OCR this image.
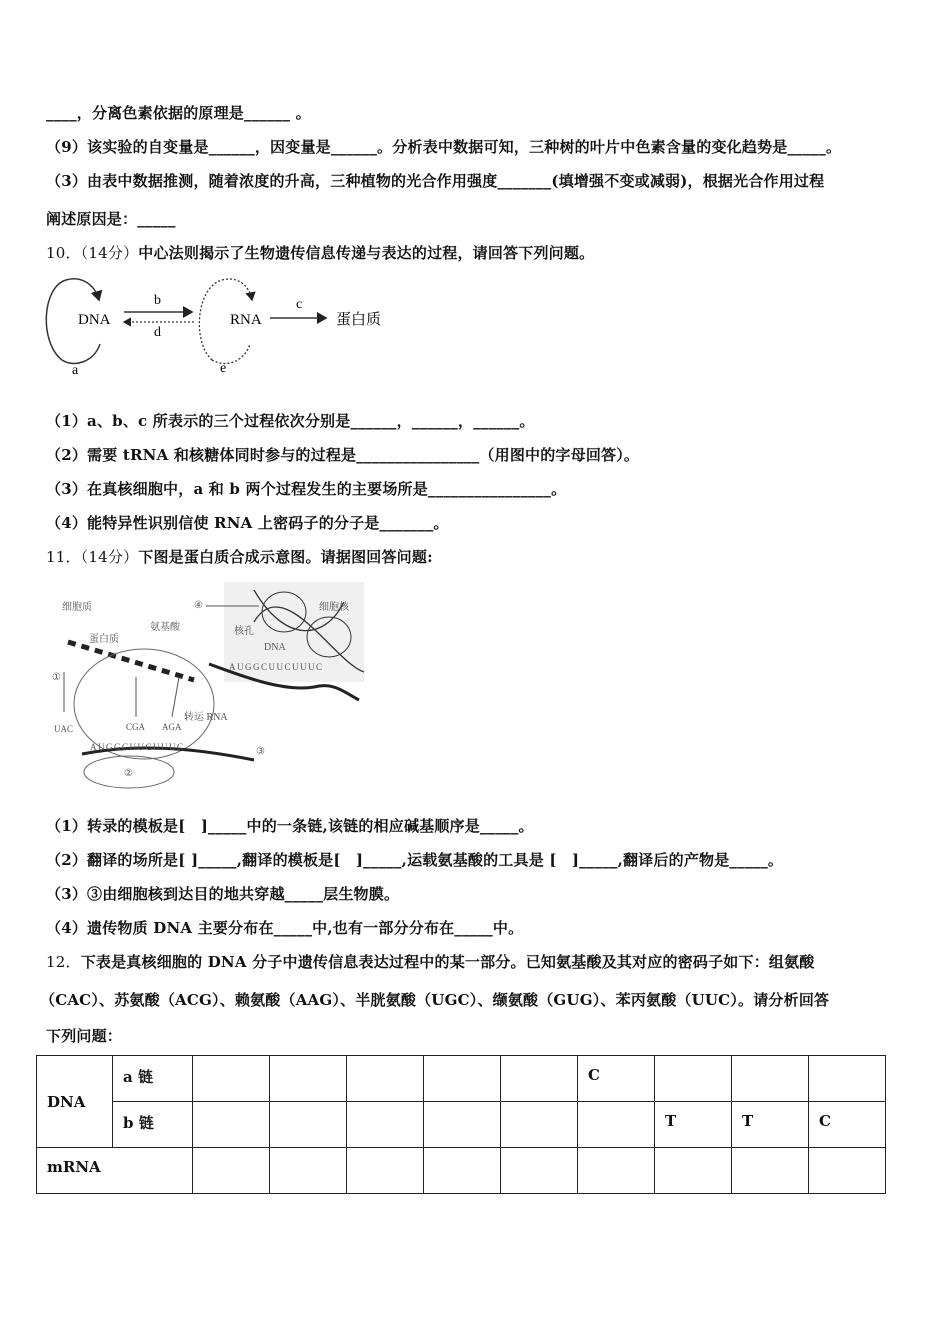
____，分离色素依据的原理是______ 。
（9）该实验的自变量是______，因变量是______。分析表中数据可知，三种树的叶片中色素含量的变化趋势是_____。
（3）由表中数据推测，随着浓度的升高，三种植物的光合作用强度_______(填增强不变或减弱)，根据光合作用过程
阐述原因是：_____
10．（14分）中心法则揭示了生物遗传信息传递与表达的过程，请回答下列问题。
DNA
b
d
RNA
c
蛋白质
a	e
（1）a、b、c 所表示的三个过程依次分别是______，______，______。
（2）需要 tRNA 和核糖体同时参与的过程是________________（用图中的字母回答）。
（3）在真核细胞中，a 和 b 两个过程发生的主要场所是________________。
（4）能特异性识别信使 RNA 上密码子的分子是_______。
11．（14分）下图是蛋白质合成示意图。请据图回答问题:
细胞质
蛋白质
氨基酸
细胞核
核孔
DNA
④
AUGGCUUCUUUC
AUGGCUUCUUUC
②
①
③
UAC	CGA AGA
转运 RNA
（1）转录的模板是[　]_____中的一条链,该链的相应碱基顺序是_____。
（2）翻译的场所是[ ]_____,翻译的模板是[　]_____,运载氨基酸的工具是 [　]_____,翻译后的产物是_____。
（3）③由细胞核到达目的地共穿越_____层生物膜。
（4）遗传物质 DNA 主要分布在_____中,也有一部分分布在_____中。
12．下表是真核细胞的 DNA 分子中遗传信息表达过程中的某一部分。已知氨基酸及其对应的密码子如下：组氨酸
（CAC）、苏氨酸（ACG）、赖氨酸（AAG）、半胱氨酸（UGC）、缬氨酸（GUG）、苯丙氨酸（UUC）。请分析回答
下列问题：
DNA	a 链						C			
	b 链							T	T	C
mRNA										
